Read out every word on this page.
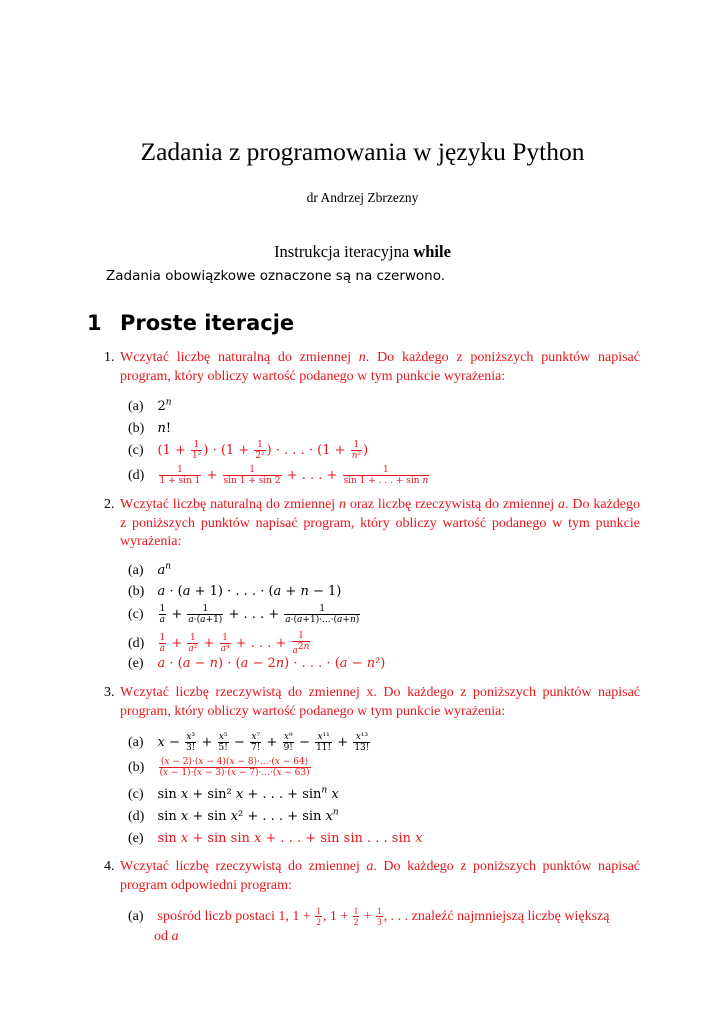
Zadania z programowania w języku Python
dr Andrzej Zbrzezny
Instrukcja iteracyjna while
Zadania obowiązkowe oznaczone są na czerwono.
1 Proste iteracje
1. Wczytać liczbę naturalną do zmiennej n. Do każdego z poniższych punktów napisać program, który obliczy wartość podanego w tym punkcie wyrażenia:
(a) 2$^n$
(b) n!
(c) ($1 + \frac{1}{\text{1²}}$ ) · ($1 + \frac{1}{\text{2²}}$ ) · . . . · ($1 + \frac{1}{\text{n²}}$ )
$(d) \frac{1}{1 + \sin 1} + \frac{1}{\sin 1 + \sin 2}$ + . . . + $\frac{1}{\text{sin 1 + . . . + sin n}}$
2. Wczytać liczbę naturalną do zmiennej n oraz liczbę rzeczywistą do zmiennej a. Do każdego z poniższych punktów napisać program, który obliczy wartość podanego w tym punkcie wyrażenia:
(a) $a^n$
(b) a · (a + 1) · . . . · (a + n − 1)
$(c) \frac{1}{a} + \frac{1}{a\cdot(a+1)}$ + . . . + $\frac{1}{a\cdot(a+1)\cdot...\cdot(a+n)}$
$(d) \frac{1}{a} + \frac{1}{\text{a²}} + \frac{1}{\text{a⁴}}$ + . . . + $\frac{1}{a^{2n}}$
(e) a · (a − n) · (a − 2n) · . . . · (a − n²)
3. Wczytać liczbę rzeczywistą do zmiennej x. Do każdego z poniższych punktów napisać program, który obliczy wartość podanego w tym punkcie wyrażenia:
(a) $x - \frac{\text{x³}}{3!} + \frac{\text{x⁵}}{5!} - \frac{\text{x⁷}}{7!} + \frac{\text{x⁹}}{9!} - \frac{\text{x¹¹}}{11!} + \frac{\text{x¹³}}{13!}$
$(b) \frac{(x - 2)\cdot(x - 4)(x - 8)\cdot...\cdot(x - 64)}{(x - 1)\cdot(x - 3)\cdot(x - 7)\cdot...\cdot(x - 63)}$
(c) sin x + sin² x + . . . + $\sin^n x$
(d) sin x + sin x² + . . . + $\sin x^n$
(e) sin x + sin sin x + . . . + sin sin . . . sin x
4. Wczytać liczbę rzeczywistą do zmiennej a. Do każdego z poniższych punktów napisać program odpowiedni program:
(a) spośród liczb postaci 1, $1 + \frac{1}{2}$ , $1 + \frac{1}{2} + \frac{1}{3}$ , . . . znaleźć najmniejszą liczbę większą
od a
